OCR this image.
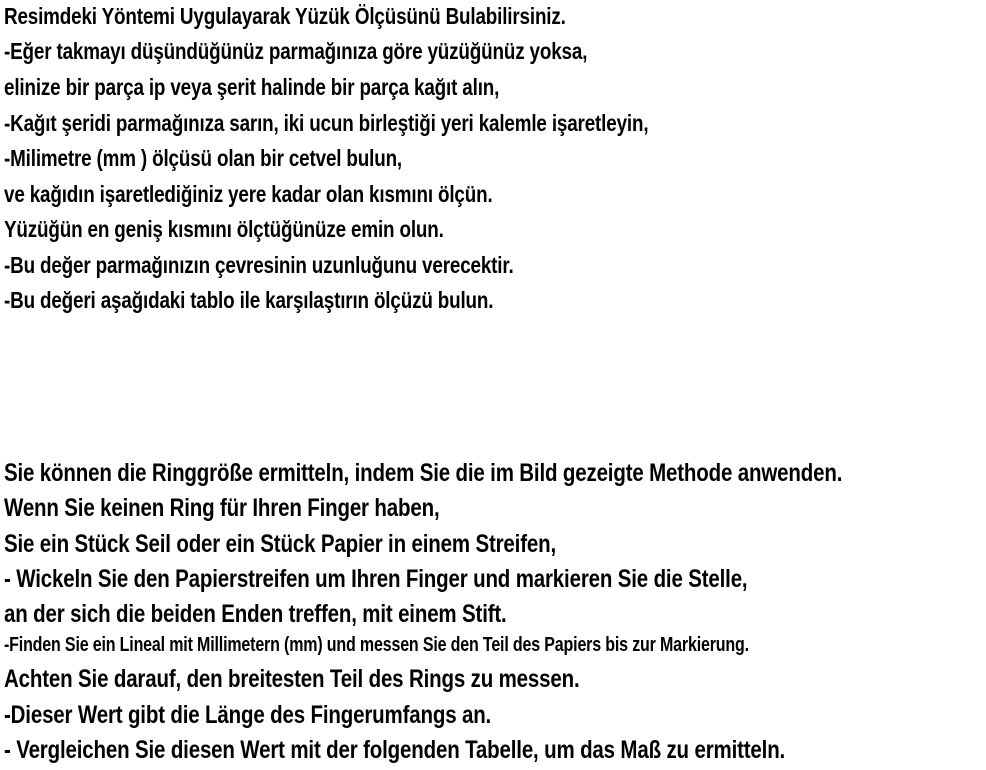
Resimdeki Yöntemi Uygulayarak Yüzük Ölçüsünü Bulabilirsiniz.
-Eğer takmayı düşündüğünüz parmağınıza göre yüzüğünüz yoksa,
elinize bir parça ip veya şerit halinde bir parça kağıt alın,
-Kağıt şeridi parmağınıza sarın, iki ucun birleştiği yeri kalemle işaretleyin,
-Milimetre (mm ) ölçüsü olan bir cetvel bulun,
ve kağıdın işaretlediğiniz yere kadar olan kısmını ölçün.
Yüzüğün en geniş kısmını ölçtüğünüze emin olun.
-Bu değer parmağınızın çevresinin uzunluğunu verecektir.
-Bu değeri aşağıdaki tablo ile karşılaştırın ölçüzü bulun.
Sie können die Ringgröße ermitteln, indem Sie die im Bild gezeigte Methode anwenden.
Wenn Sie keinen Ring für Ihren Finger haben,
Sie ein Stück Seil oder ein Stück Papier in einem Streifen,
- Wickeln Sie den Papierstreifen um Ihren Finger und markieren Sie die Stelle,
an der sich die beiden Enden treffen, mit einem Stift.
-Finden Sie ein Lineal mit Millimetern (mm) und messen Sie den Teil des Papiers bis zur Markierung.
Achten Sie darauf, den breitesten Teil des Rings zu messen.
-Dieser Wert gibt die Länge des Fingerumfangs an.
- Vergleichen Sie diesen Wert mit der folgenden Tabelle, um das Maß zu ermitteln.
